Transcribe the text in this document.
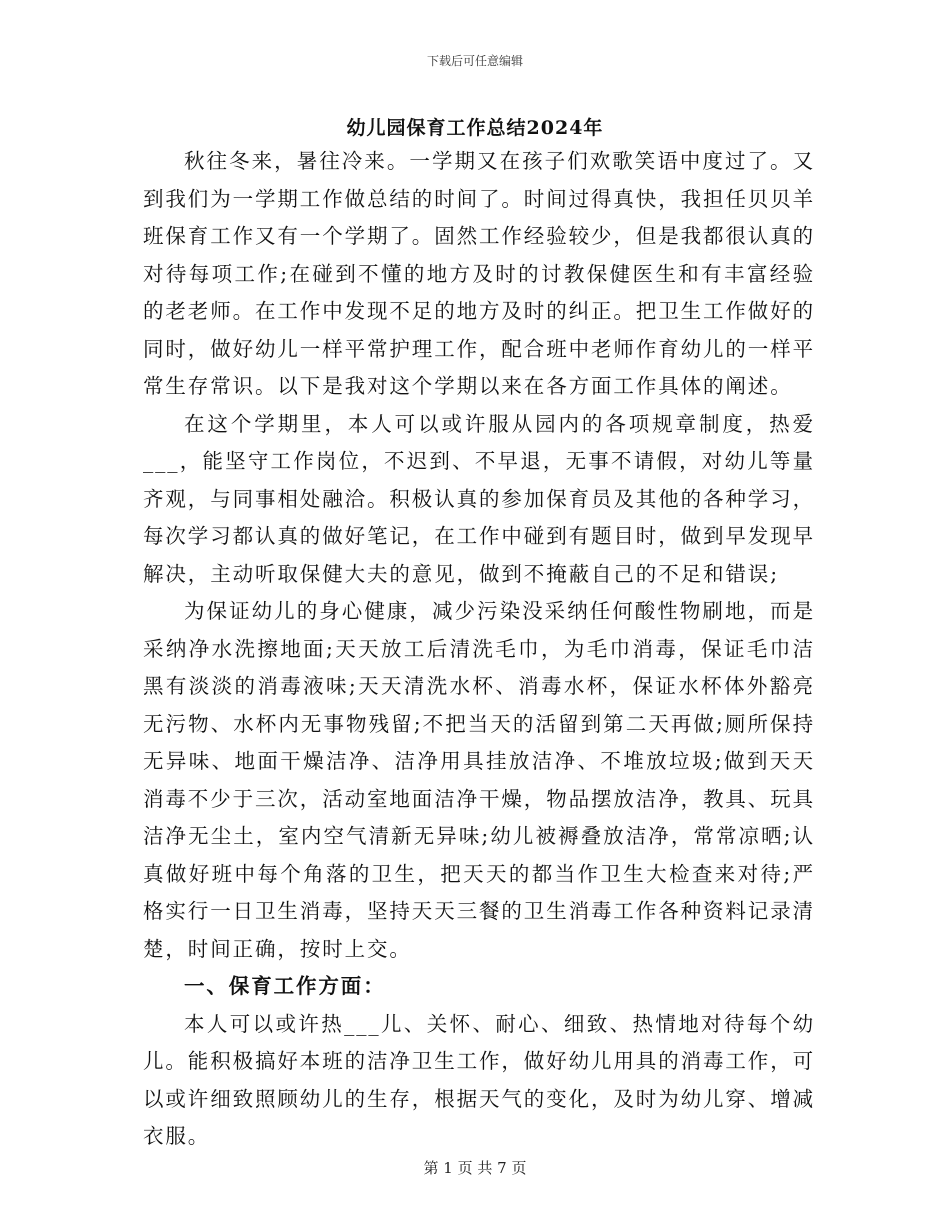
下载后可任意编辑
幼儿园保育工作总结2024年

秋往冬来，暑往冷来。一学期又在孩子们欢歌笑语中度过了。又到我们为一学期工作做总结的时间了。时间过得真快，我担任贝贝羊班保育工作又有一个学期了。固然工作经验较少，但是我都很认真的对待每项工作;在碰到不懂的地方及时的讨教保健医生和有丰富经验的老老师。在工作中发现不足的地方及时的纠正。把卫生工作做好的同时，做好幼儿一样平常护理工作，配合班中老师作育幼儿的一样平常生存常识。以下是我对这个学期以来在各方面工作具体的阐述。

在这个学期里，本人可以或许服从园内的各项规章制度，热爱___，能坚守工作岗位，不迟到、不早退，无事不请假，对幼儿等量齐观，与同事相处融洽。积极认真的参加保育员及其他的各种学习，每次学习都认真的做好笔记，在工作中碰到有题目时，做到早发现早解决，主动听取保健大夫的意见，做到不掩蔽自己的不足和错误;

为保证幼儿的身心健康，减少污染没采纳任何酸性物刷地，而是采纳净水洗擦地面;天天放工后清洗毛巾，为毛巾消毒，保证毛巾洁黑有淡淡的消毒液味;天天清洗水杯、消毒水杯，保证水杯体外豁亮无污物、水杯内无事物残留;不把当天的活留到第二天再做;厕所保持无异味、地面干燥洁净、洁净用具挂放洁净、不堆放垃圾;做到天天消毒不少于三次，活动室地面洁净干燥，物品摆放洁净，教具、玩具洁净无尘土，室内空气清新无异味;幼儿被褥叠放洁净，常常凉晒;认真做好班中每个角落的卫生，把天天的都当作卫生大检查来对待;严格实行一日卫生消毒，坚持天天三餐的卫生消毒工作各种资料记录清楚，时间正确，按时上交。

一、保育工作方面：

本人可以或许热___儿、关怀、耐心、细致、热情地对待每个幼儿。能积极搞好本班的洁净卫生工作，做好幼儿用具的消毒工作，可以或许细致照顾幼儿的生存，根据天气的变化，及时为幼儿穿、增减衣服。

第 1 页 共 7 页
